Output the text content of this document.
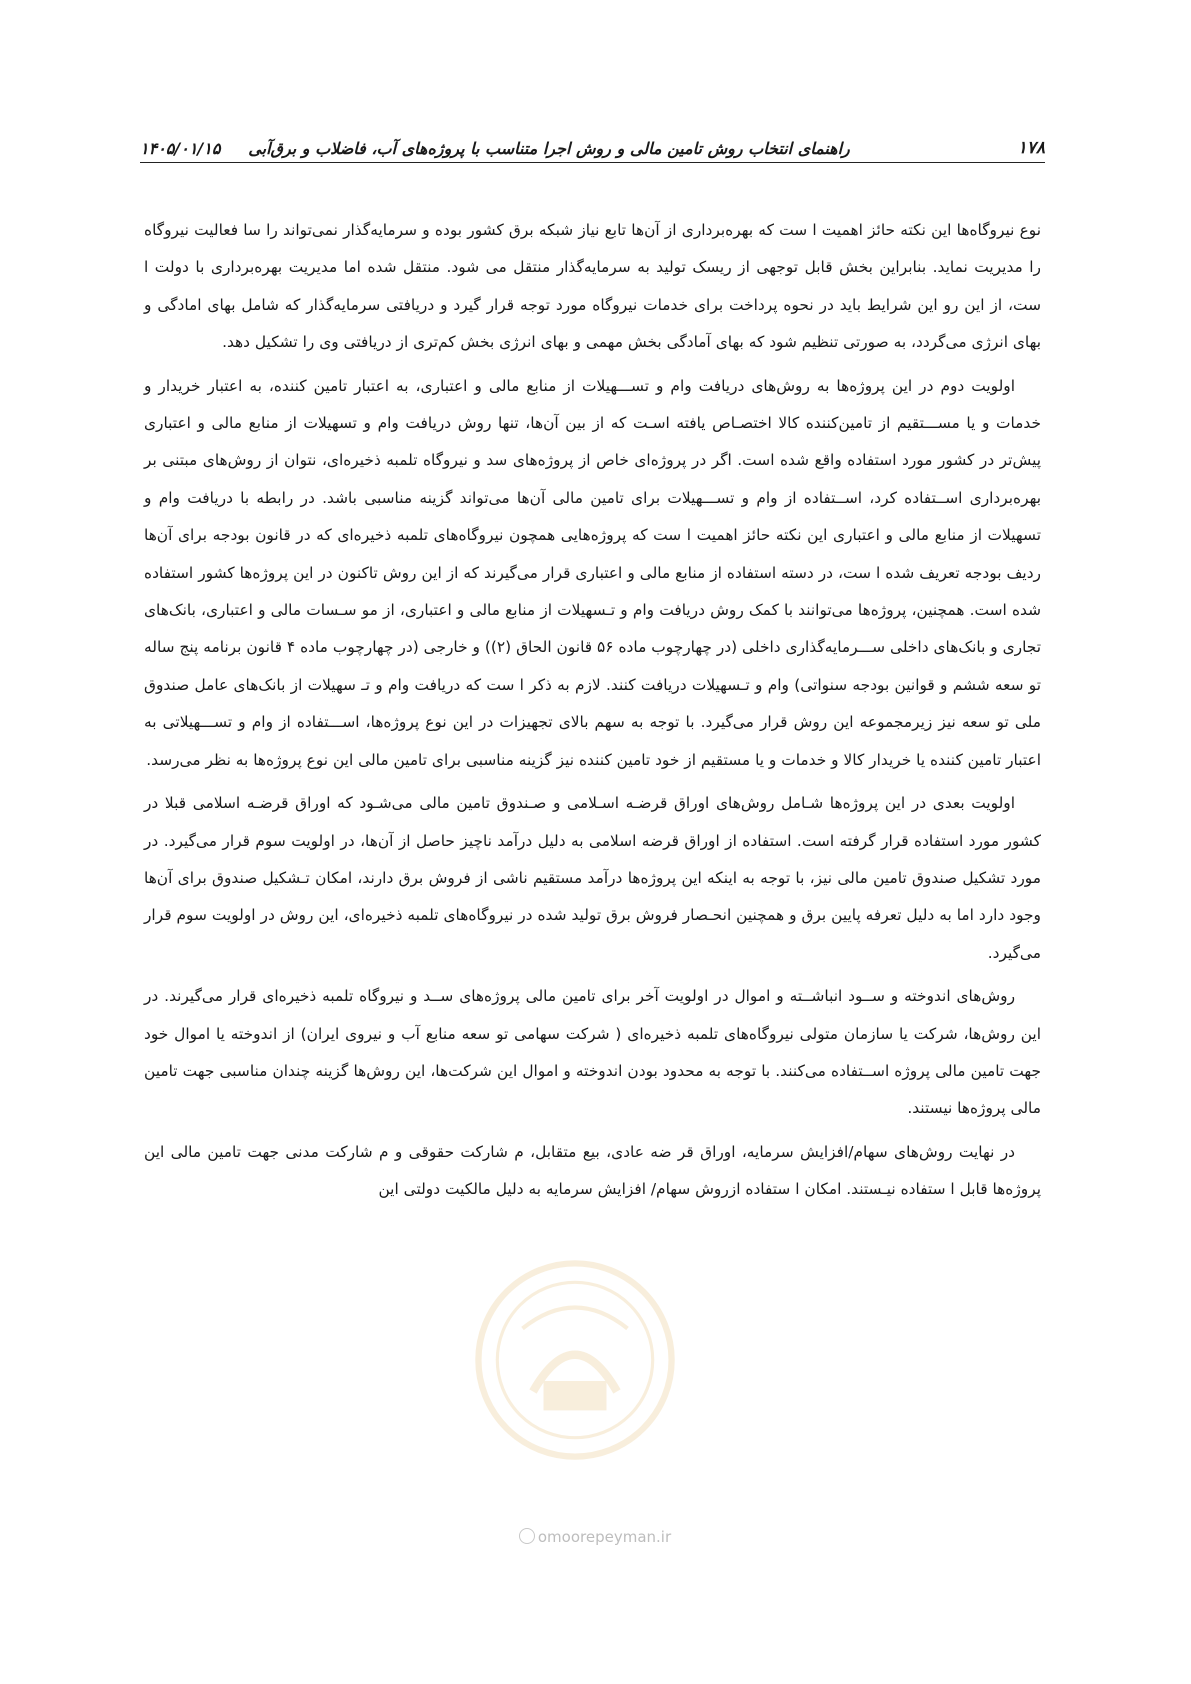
۱۷۸
راهنمای انتخاب روش تامین مالی و روش اجرا متناسب با پروژه‌های آب، فاضلاب و برق‌آبی     ۱۴۰۵/۰۱/۱۵

نوع نیروگاه‌ها این نکته حائز اهمیت ا ست که بهره‌برداری از آن‌ها تابع نیاز شبکه برق کشور بوده و سرمایه‌گذار نمی‌تواند را سا فعالیت نیروگاه را مدیریت نماید. بنابراین بخش قابل توجهی از ریسک تولید به سرمایه‌گذار منتقل می شود. منتقل شده اما مدیریت بهره‌برداری با دولت ا ست، از این رو این شرایط باید در نحوه پرداخت برای خدمات نیروگاه مورد توجه قرار گیرد و دریافتی سرمایه‌گذار که شامل بهای امادگی و بهای انرژی می‌گردد، به صورتی تنظیم شود که بهای آمادگی بخش مهمی و بهای انرژی بخش کم‌تری از دریافتی وی را تشکیل دهد.

اولویت دوم در این پروژه‌ها به روش‌های دریافت وام و تســـهیلات از منابع مالی و اعتباری، به اعتبار تامین کننده، به اعتبار خریدار و خدمات و یا مســـتقیم از تامین‌کننده کالا اختصـاص یافته اسـت که از بین آن‌ها، تنها روش دریافت وام و تسهیلات از منابع مالی و اعتباری پیش‌تر در کشور مورد استفاده واقع شده است. اگر در پروژه‌ای خاص از پروژه‌های سد و نیروگاه تلمبه ذخیره‌ای، نتوان از روش‌های مبتنی بر بهره‌برداری اســتفاده کرد، اســتفاده از وام و تســـهیلات برای تامین مالی آن‌ها می‌تواند گزینه مناسبی باشد. در رابطه با دریافت وام و تسهیلات از منابع مالی و اعتباری این نکته حائز اهمیت ا ست که پروژه‌هایی همچون نیروگاه‌های تلمبه ذخیره‌ای که در قانون بودجه برای آن‌ها ردیف بودجه تعریف شده ا ست، در دسته استفاده از منابع مالی و اعتباری قرار می‌گیرند که از این روش تاکنون در این پروژه‌ها کشور استفاده شده است. همچنین، پروژه‌ها می‌توانند با کمک روش دریافت وام و تـسهیلات از منابع مالی و اعتباری، از مو سـسات مالی و اعتباری، بانک‌های تجاری و بانک‌های داخلی ســـرمایه‌گذاری داخلی (در چهارچوب ماده ۵۶ قانون الحاق (۲)) و خارجی (در چهارچوب ماده ۴ قانون برنامه پنج ساله تو سعه ششم و قوانین بودجه سنواتی) وام و تـسهیلات دریافت کنند. لازم به ذکر ا ست که دریافت وام و تـ سهیلات از بانک‌های عامل صندوق ملی تو سعه نیز زیرمجموعه این روش قرار می‌گیرد. با توجه به سهم بالای تجهیزات در این نوع پروژه‌ها، اســـتفاده از وام و تســـهیلاتی به اعتبار تامین کننده یا خریدار کالا و خدمات و یا مستقیم از خود تامین کننده نیز گزینه مناسبی برای تامین مالی این نوع پروژه‌ها به نظر می‌رسد.

اولویت بعدی در این پروژه‌ها شـامل روش‌های اوراق قرضـه اسـلامی و صـندوق تامین مالی می‌شـود که اوراق قرضـه اسلامی قبلا در کشور مورد استفاده قرار گرفته است. استفاده از اوراق قرضه اسلامی به دلیل درآمد ناچیز حاصل از آن‌ها، در اولویت سوم قرار می‌گیرد. در مورد تشکیل صندوق تامین مالی نیز، با توجه به اینکه این پروژه‌ها درآمد مستقیم ناشی از فروش برق دارند، امکان تـشکیل صندوق برای آن‌ها وجود دارد اما به دلیل تعرفه پایین برق و همچنین انحـصار فروش برق تولید شده در نیروگاه‌های تلمبه ذخیره‌ای، این روش در اولویت سوم قرار می‌گیرد.

روش‌های اندوخته و ســود انباشــته و اموال در اولویت آخر برای تامین مالی پروژه‌های ســد و نیروگاه تلمبه ذخیره‌ای قرار می‌گیرند. در این روش‌ها، شرکت یا سازمان متولی نیروگاه‌های تلمبه ذخیره‌ای ( شرکت سهامی تو سعه منابع آب و نیروی ایران) از اندوخته یا اموال خود جهت تامین مالی پروژه اســتفاده می‌کنند. با توجه به محدود بودن اندوخته و اموال این شرکت‌ها، این روش‌ها گزینه چندان مناسبی جهت تامین مالی پروژه‌ها نیستند.

در نهایت روش‌های سهام/افزایش سرمایه، اوراق قر ضه عادی، بیع متقابل، م شارکت حقوقی و م شارکت مدنی جهت تامین مالی این پروژه‌ها قابل ا ستفاده نیـستند. امکان ا ستفاده ازروش سهام/ افزایش سرمایه به دلیل مالکیت دولتی این

omoorepeyman.ir
